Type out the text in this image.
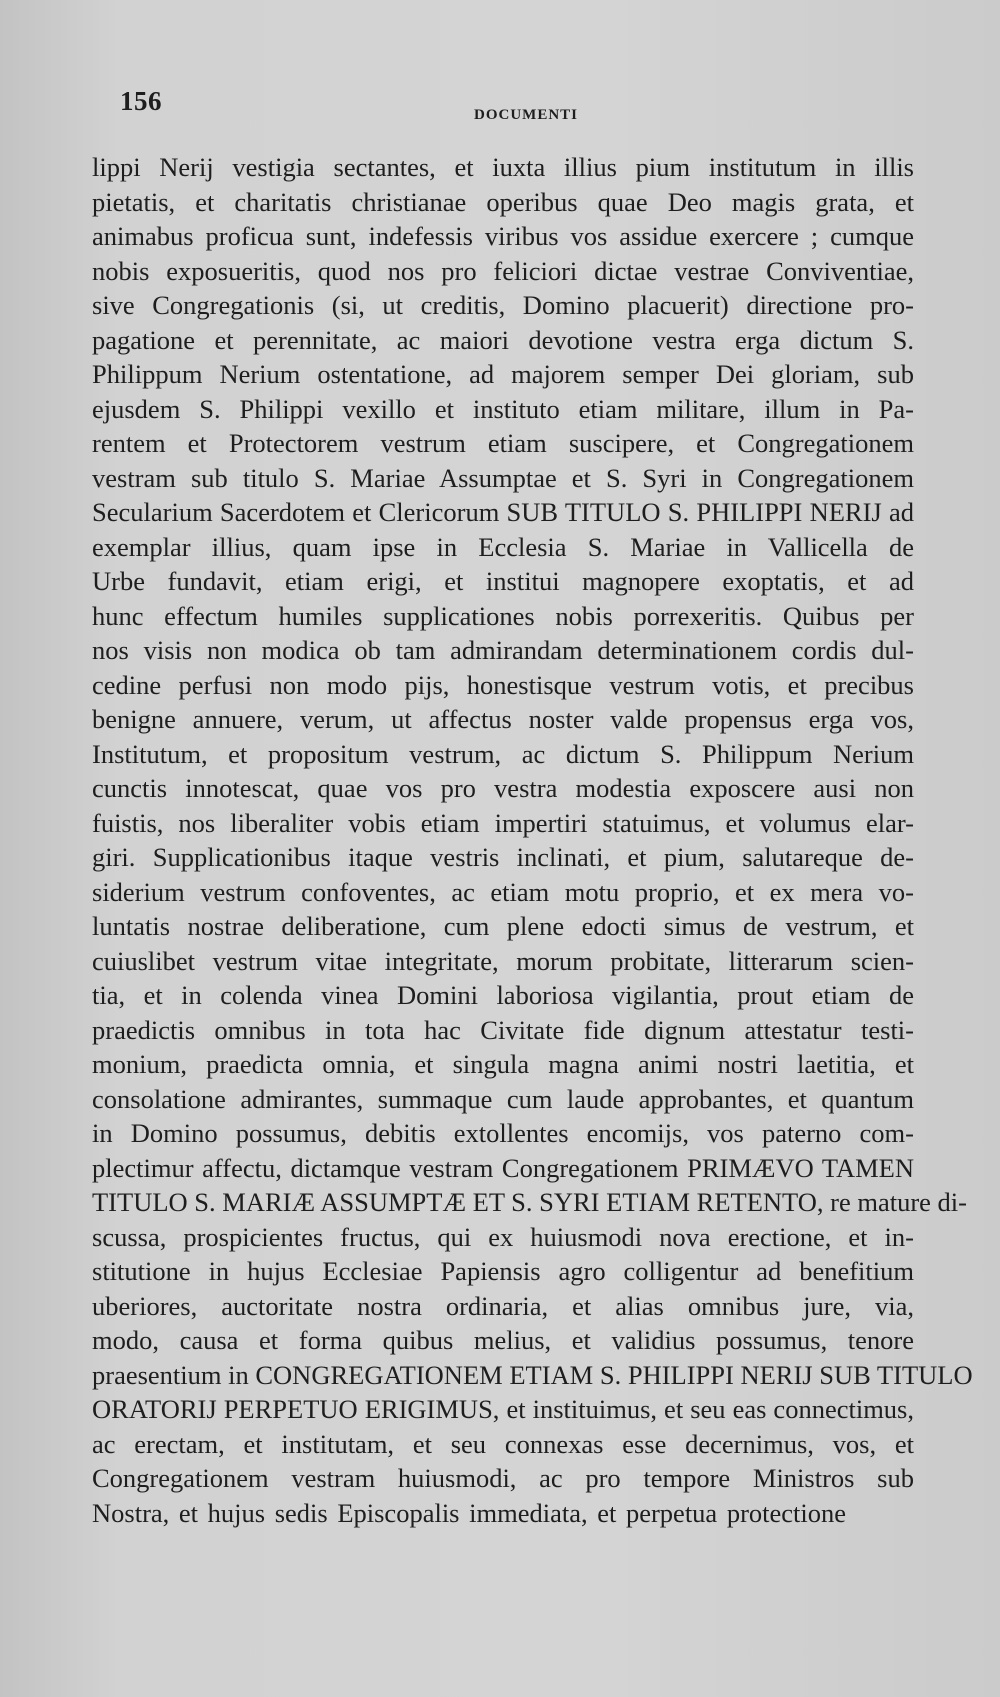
156	DOCUMENTI
lippi Nerij vestigia sectantes, et iuxta illius pium institutum in illis
pietatis, et charitatis christianae operibus quae Deo magis grata, et
animabus proficua sunt, indefessis viribus vos assidue exercere ; cumque
nobis exposueritis, quod nos pro feliciori dictae vestrae Conviventiae,
sive Congregationis (si, ut creditis, Domino placuerit) directione pro-
pagatione et perennitate, ac maiori devotione vestra erga dictum S.
Philippum Nerium ostentatione, ad majorem semper Dei gloriam, sub
ejusdem S. Philippi vexillo et instituto etiam militare, illum in Pa-
rentem et Protectorem vestrum etiam suscipere, et Congregationem
vestram sub titulo S. Mariae Assumptae et S. Syri in Congregationem
Secularium Sacerdotem et Clericorum SUB TITULO S. PHILIPPI NERIJ ad
exemplar illius, quam ipse in Ecclesia S. Mariae in Vallicella de
Urbe fundavit, etiam erigi, et institui magnopere exoptatis, et ad
hunc effectum humiles supplicationes nobis porrexeritis. Quibus per
nos visis non modica ob tam admirandam determinationem cordis dul-
cedine perfusi non modo pijs, honestisque vestrum votis, et precibus
benigne annuere, verum, ut affectus noster valde propensus erga vos,
Institutum, et propositum vestrum, ac dictum S. Philippum Nerium
cunctis innotescat, quae vos pro vestra modestia exposcere ausi non
fuistis, nos liberaliter vobis etiam impertiri statuimus, et volumus elar-
giri. Supplicationibus itaque vestris inclinati, et pium, salutareque de-
siderium vestrum confoventes, ac etiam motu proprio, et ex mera vo-
luntatis nostrae deliberatione, cum plene edocti simus de vestrum, et
cuiuslibet vestrum vitae integritate, morum probitate, litterarum scien-
tia, et in colenda vinea Domini laboriosa vigilantia, prout etiam de
praedictis omnibus in tota hac Civitate fide dignum attestatur testi-
monium, praedicta omnia, et singula magna animi nostri laetitia, et
consolatione admirantes, summaque cum laude approbantes, et quantum
in Domino possumus, debitis extollentes encomijs, vos paterno com-
plectimur affectu, dictamque vestram Congregationem PRIMÆVO TAMEN
TITULO S. MARIÆ ASSUMPTÆ ET S. SYRI ETIAM RETENTO, re mature di-
scussa, prospicientes fructus, qui ex huiusmodi nova erectione, et in-
stitutione in hujus Ecclesiae Papiensis agro colligentur ad benefitium
uberiores, auctoritate nostra ordinaria, et alias omnibus jure, via,
modo, causa et forma quibus melius, et validius possumus, tenore
praesentium in CONGREGATIONEM ETIAM S. PHILIPPI NERIJ SUB TITULO
ORATORIJ PERPETUO ERIGIMUS, et instituimus, et seu eas connectimus,
ac erectam, et institutam, et seu connexas esse decernimus, vos, et
Congregationem vestram huiusmodi, ac pro tempore Ministros sub
Nostra, et hujus sedis Episcopalis immediata, et perpetua protectione
